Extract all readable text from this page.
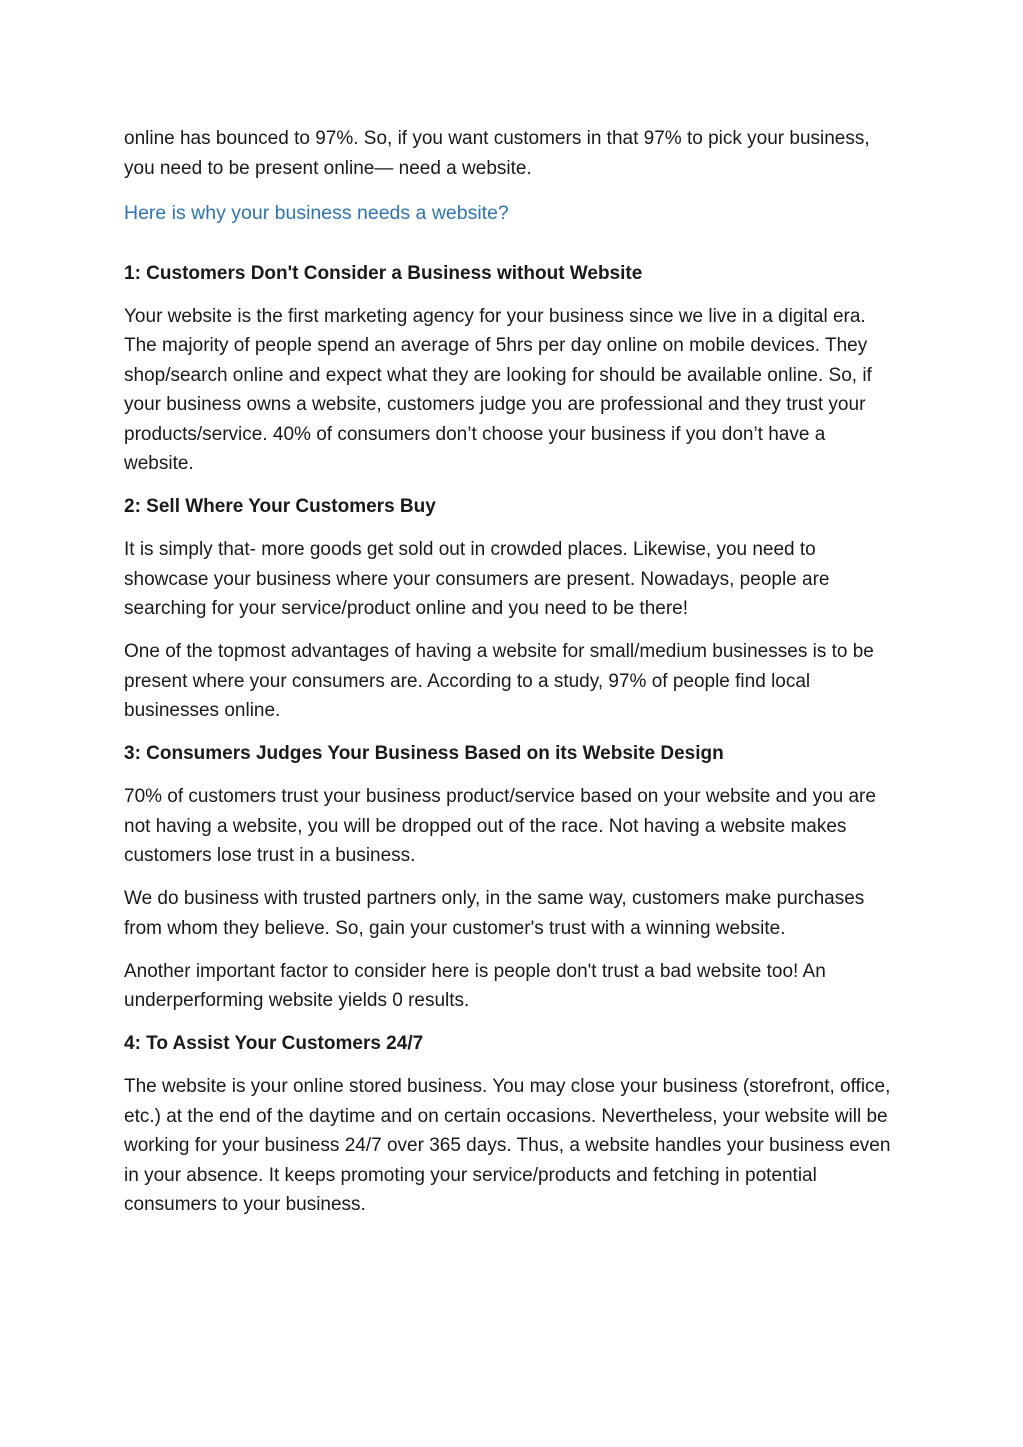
online has bounced to 97%. So, if you want customers in that 97% to pick your business, you need to be present online— need a website.

Here is why your business needs a website?

1: Customers Don't Consider a Business without Website

Your website is the first marketing agency for your business since we live in a digital era. The majority of people spend an average of 5hrs per day online on mobile devices. They shop/search online and expect what they are looking for should be available online. So, if your business owns a website, customers judge you are professional and they trust your products/service. 40% of consumers don’t choose your business if you don’t have a website.

2: Sell Where Your Customers Buy

It is simply that- more goods get sold out in crowded places. Likewise, you need to showcase your business where your consumers are present. Nowadays, people are searching for your service/product online and you need to be there!

One of the topmost advantages of having a website for small/medium businesses is to be present where your consumers are. According to a study, 97% of people find local businesses online.

3: Consumers Judges Your Business Based on its Website Design

70% of customers trust your business product/service based on your website and you are not having a website, you will be dropped out of the race. Not having a website makes customers lose trust in a business.

We do business with trusted partners only, in the same way, customers make purchases from whom they believe. So, gain your customer's trust with a winning website.

Another important factor to consider here is people don't trust a bad website too! An underperforming website yields 0 results.

4: To Assist Your Customers 24/7

The website is your online stored business. You may close your business (storefront, office, etc.) at the end of the daytime and on certain occasions. Nevertheless, your website will be working for your business 24/7 over 365 days. Thus, a website handles your business even in your absence. It keeps promoting your service/products and fetching in potential consumers to your business.
